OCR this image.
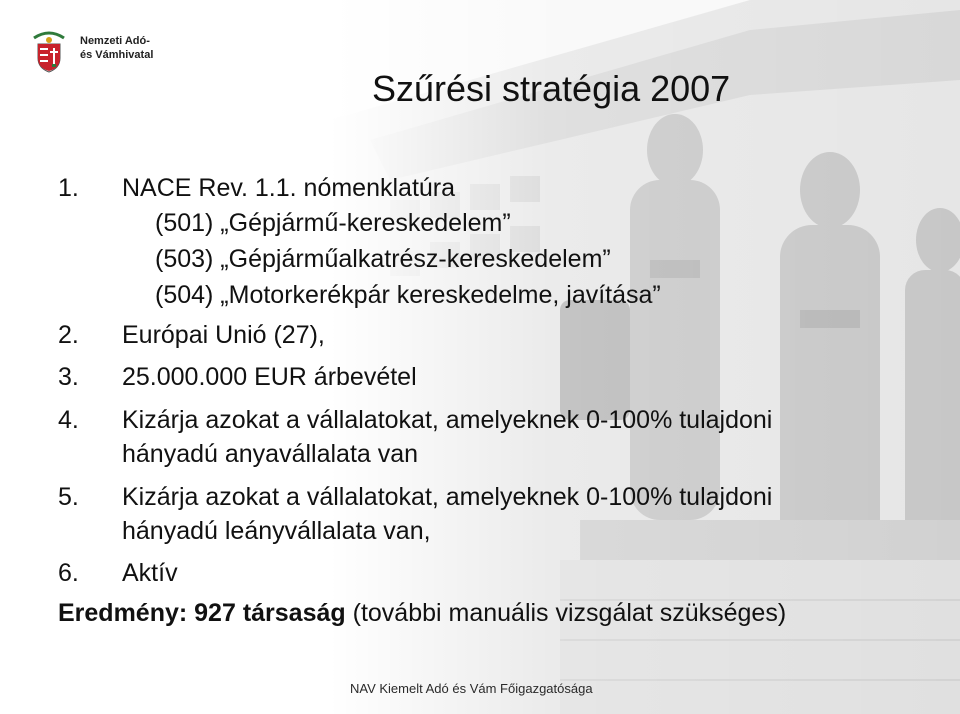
Nemzeti Adó-
és Vámhivatal
Szűrési stratégia 2007
1. NACE Rev. 1.1. nómenklatúra
(501) „Gépjármű-kereskedelem”
(503) „Gépjárműalkatrész-kereskedelem”
(504) „Motorkerékpár kereskedelme, javítása”
2. Európai Unió (27),
3. 25.000.000 EUR árbevétel
4. Kizárja azokat a vállalatokat, amelyeknek 0-100% tulajdoni
hányadú anyavállalata van
5. Kizárja azokat a vállalatokat, amelyeknek 0-100% tulajdoni
hányadú leányvállalata van,
6. Aktív
Eredmény: 927 társaság (további manuális vizsgálat szükséges)
NAV Kiemelt Adó és Vám Főigazgatósága
